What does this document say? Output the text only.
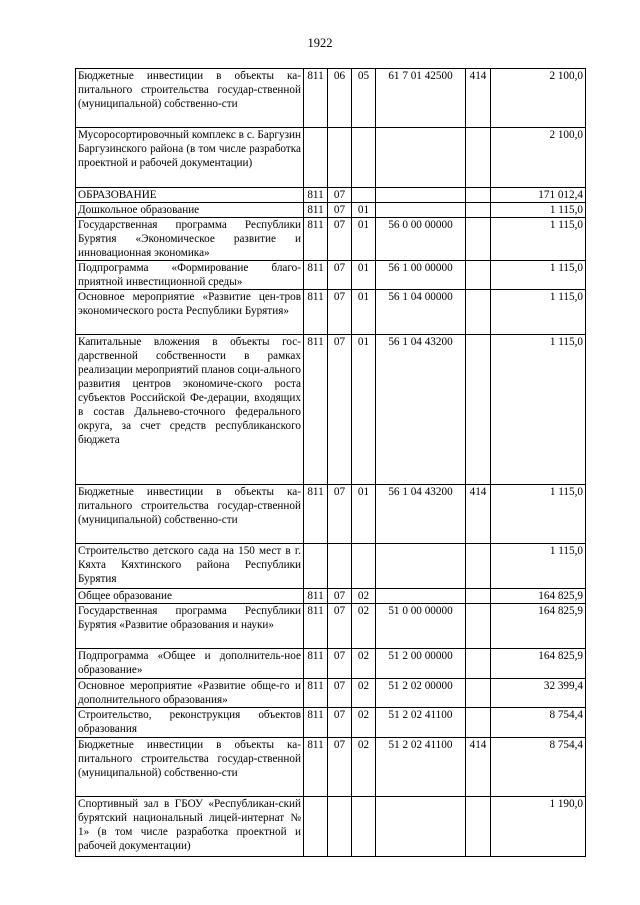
1922
Бюджетные инвестиции в объекты ка-питального строительства государ-ственной (муниципальной) собственно-сти	811	06	05	61 7 01 42500	414	2 100,0
Мусоросортировочный комплекс в с. Баргузин Баргузинского района (в том числе разработка проектной и рабочей документации)						2 100,0
ОБРАЗОВАНИЕ	811	07				171 012,4
Дошкольное образование	811	07	01			1 115,0
Государственная программа Республики Бурятия «Экономическое развитие и инновационная экономика»	811	07	01	56 0 00 00000		1 115,0
Подпрограмма «Формирование благо-приятной инвестиционной среды»	811	07	01	56 1 00 00000		1 115,0
Основное мероприятие «Развитие цен-тров экономического роста Республики Бурятия»	811	07	01	56 1 04 00000		1 115,0
Капитальные вложения в объекты гос-дарственной собственности в рамках реализации мероприятий планов соци-ального развития центров экономиче-ского роста субъектов Российской Фе-дерации, входящих в состав Дальнево-сточного федерального округа, за счет средств республиканского бюджета	811	07	01	56 1 04 43200		1 115,0
Бюджетные инвестиции в объекты ка-питального строительства государ-ственной (муниципальной) собственно-сти	811	07	01	56 1 04 43200	414	1 115,0
Строительство детского сада на 150 мест в г. Кяхта Кяхтинского района Республики Бурятия						1 115,0
Общее образование	811	07	02			164 825,9
Государственная программа Республики Бурятия «Развитие образования и науки»	811	07	02	51 0 00 00000		164 825,9
Подпрограмма «Общее и дополнитель-ное образование»	811	07	02	51 2 00 00000		164 825,9
Основное мероприятие «Развитие обще-го и дополнительного образования»	811	07	02	51 2 02 00000		32 399,4
Строительство, реконструкция объектов образования	811	07	02	51 2 02 41100		8 754,4
Бюджетные инвестиции в объекты ка-питального строительства государ-ственной (муниципальной) собственно-сти	811	07	02	51 2 02 41100	414	8 754,4
Спортивный зал в ГБОУ «Республикан-ский бурятский национальный лицей-интернат № 1» (в том числе разработка проектной и рабочей документации)						1 190,0
